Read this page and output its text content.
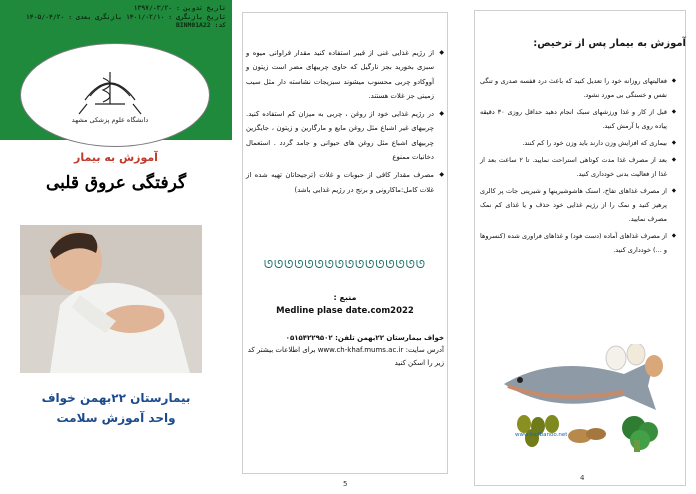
تاریخ تدوین : ۱۳۹۷/۰۳/۲۰
تاریخ بازنگری : ۱۴۰۱/۰۲/۱۰ بازنگری بعدی : ۱۴۰۵/۰۴/۲۰
کد: BINM01A22
دانشگاه علوم پزشکی مشهد
آموزش به بیمار
گرفتگی عروق قلبی
بیمارستان ۲۲بهمن خواف
واحد آموزش سلامت
◆ از رژیم غذایی غنی از فیبر استفاده کنید مقدار فراوانی میوه و سبزی بخورید بجز نارگیل که حاوی چربیهای مضر است زیتون و آووکادو چربی محسوب میشوند سبزیجات نشاسته دار مثل سیب زمینی جز غلات هستند.
◆ در رژیم غذایی خود از روغن ، چربی به میزان کم استفاده کنید. چربیهای غیر اشباع مثل روغن مایع و مارگارین و زیتون ، جایگزین چربیهای اشباع مثل روغن های حیوانی و جامد گردد . استعمال دخانیات ممنوع
◆ مصرف مقدار کافی از حبوبات و غلات (ترجیحاتان تهیه شده از غلات کامل:ماکارونی و برنج در رژیم غذایی باشد)
ᘎᘎᘎᘎᘎᘎᘎᘎᘎᘎᘎᘎᘎᘎᘎᘎ
منبع :
Medline plase date.com2022
خواف بیمارستان ۲۲بهمن تلفن: ۰۵۱۵۴۲۲۹۵۰۲
آدرس سایت: www.ch-khaf.mums.ac.ir برای اطلاعات بیشتر کد زیر را اسکن کنید
5
آموزش به بیمار پس از ترخیص:
◆ فعالیتهای روزانه خود را تعدیل کنید که باعث درد قفسه صدری و تنگی نفس و خستگی بی مورد نشود.
◆ قبل از کار و غذا ورزشهای سبک انجام دهید حداقل روزی ۳۰ دقیقه پیاده روی با آرمش کنید.
◆ بیماری که افزایش وزن دارند باید وزن خود را کم کنند.
◆ بعد از مصرف غذا مدت کوتاهی استراحت نمایید. تا ۲ ساعت بعد از غذا از فعالیت بدنی خودداری کنید.
◆ از مصرف غذاهای تفاخ، اسنک هاشوشیرینها و شیرینی جات پر کالری پرهیز کنید و نمک را از رژیم غذایی خود حذف و یا غذای کم نمک مصرف نمایید.
◆ از مصرف غذاهای آماده (دست فود) و غذاهای فراوری شده (کنسروها و ...) خودداری کنید.
www.kadbanoo.net
4
